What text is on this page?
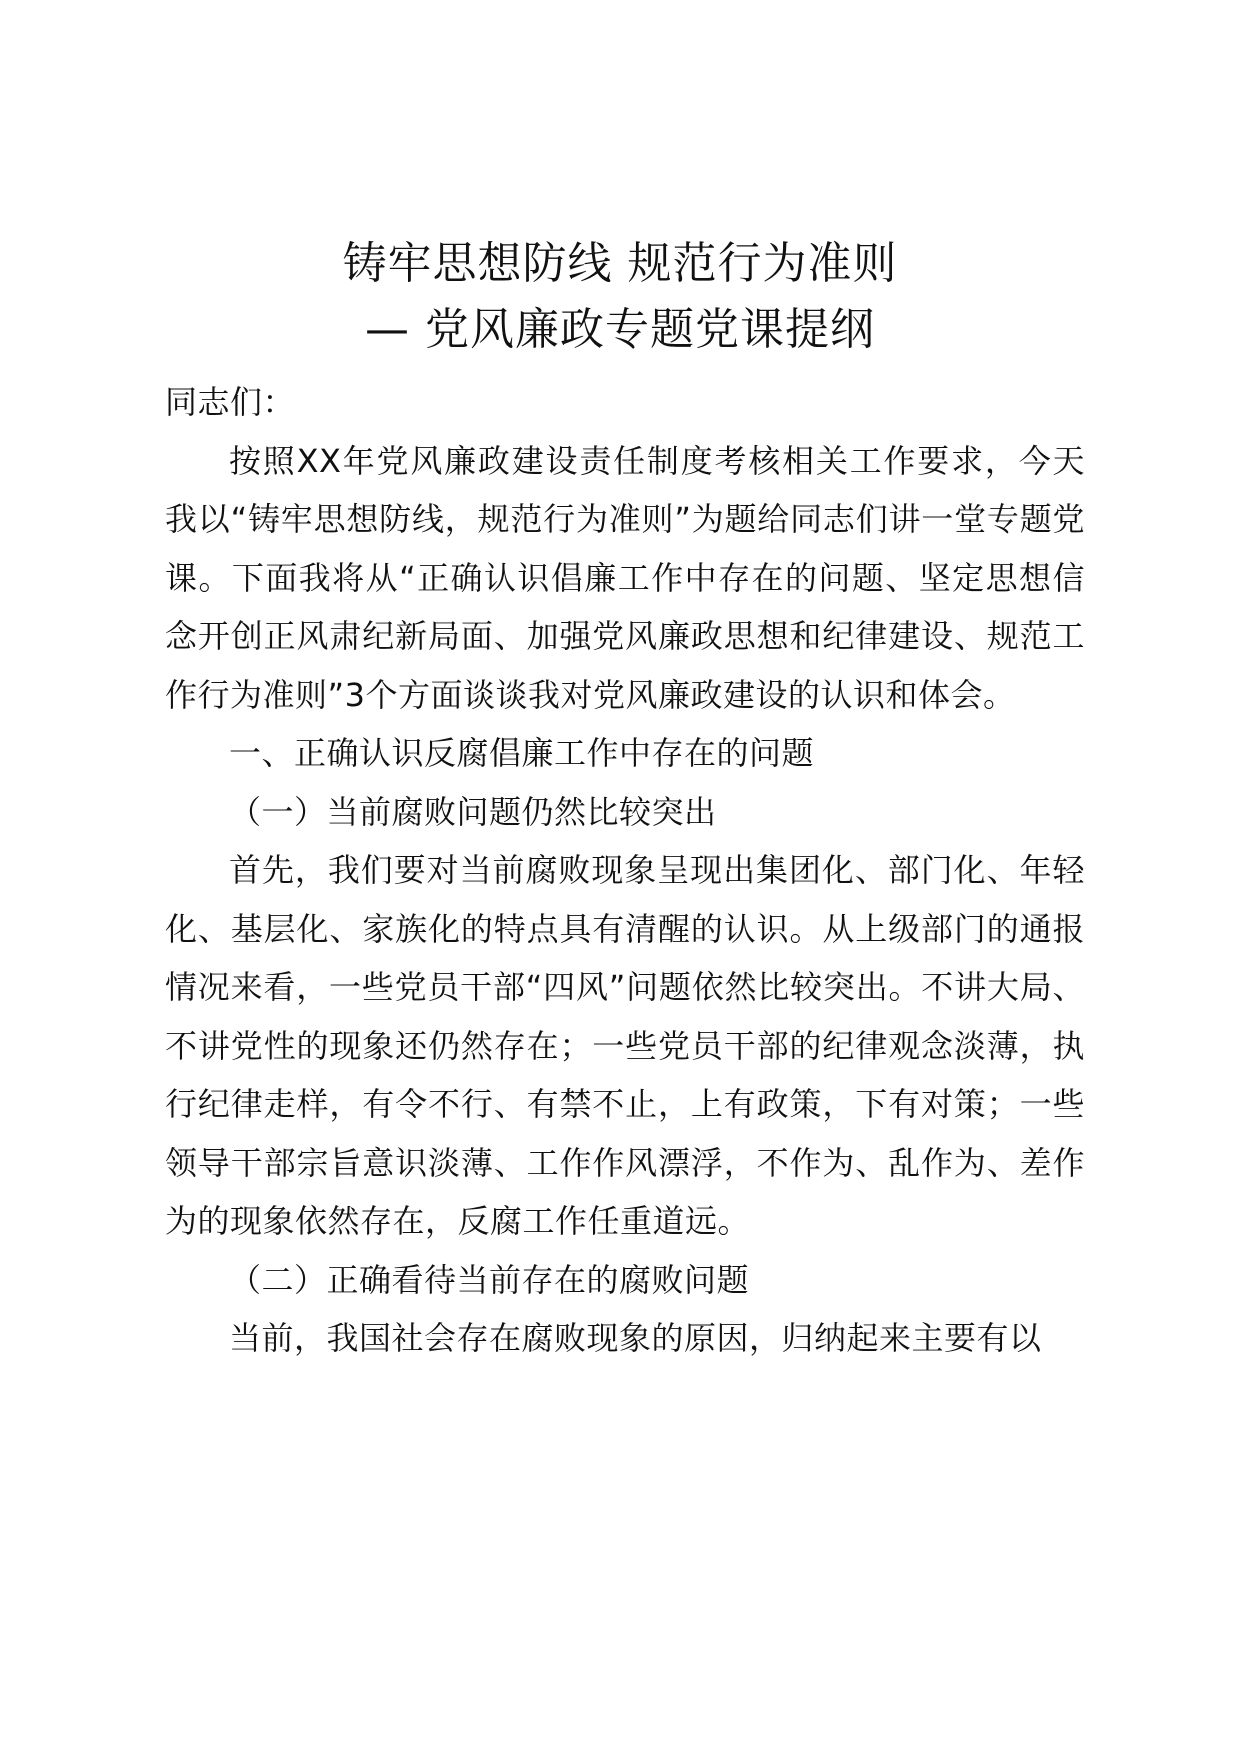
铸牢思想防线 规范行为准则
— 党风廉政专题党课提纲

同志们：

按照XX年党风廉政建设责任制度考核相关工作要求，今天我以“铸牢思想防线，规范行为准则”为题给同志们讲一堂专题党课。下面我将从“正确认识倡廉工作中存在的问题、坚定思想信念开创正风肃纪新局面、加强党风廉政思想和纪律建设、规范工作行为准则”3个方面谈谈我对党风廉政建设的认识和体会。

一、正确认识反腐倡廉工作中存在的问题

（一）当前腐败问题仍然比较突出

首先，我们要对当前腐败现象呈现出集团化、部门化、年轻化、基层化、家族化的特点具有清醒的认识。从上级部门的通报情况来看，一些党员干部“四风”问题依然比较突出。不讲大局、不讲党性的现象还仍然存在；一些党员干部的纪律观念淡薄，执行纪律走样，有令不行、有禁不止，上有政策，下有对策；一些领导干部宗旨意识淡薄、工作作风漂浮，不作为、乱作为、差作为的现象依然存在，反腐工作任重道远。

（二）正确看待当前存在的腐败问题

当前，我国社会存在腐败现象的原因，归纳起来主要有以
